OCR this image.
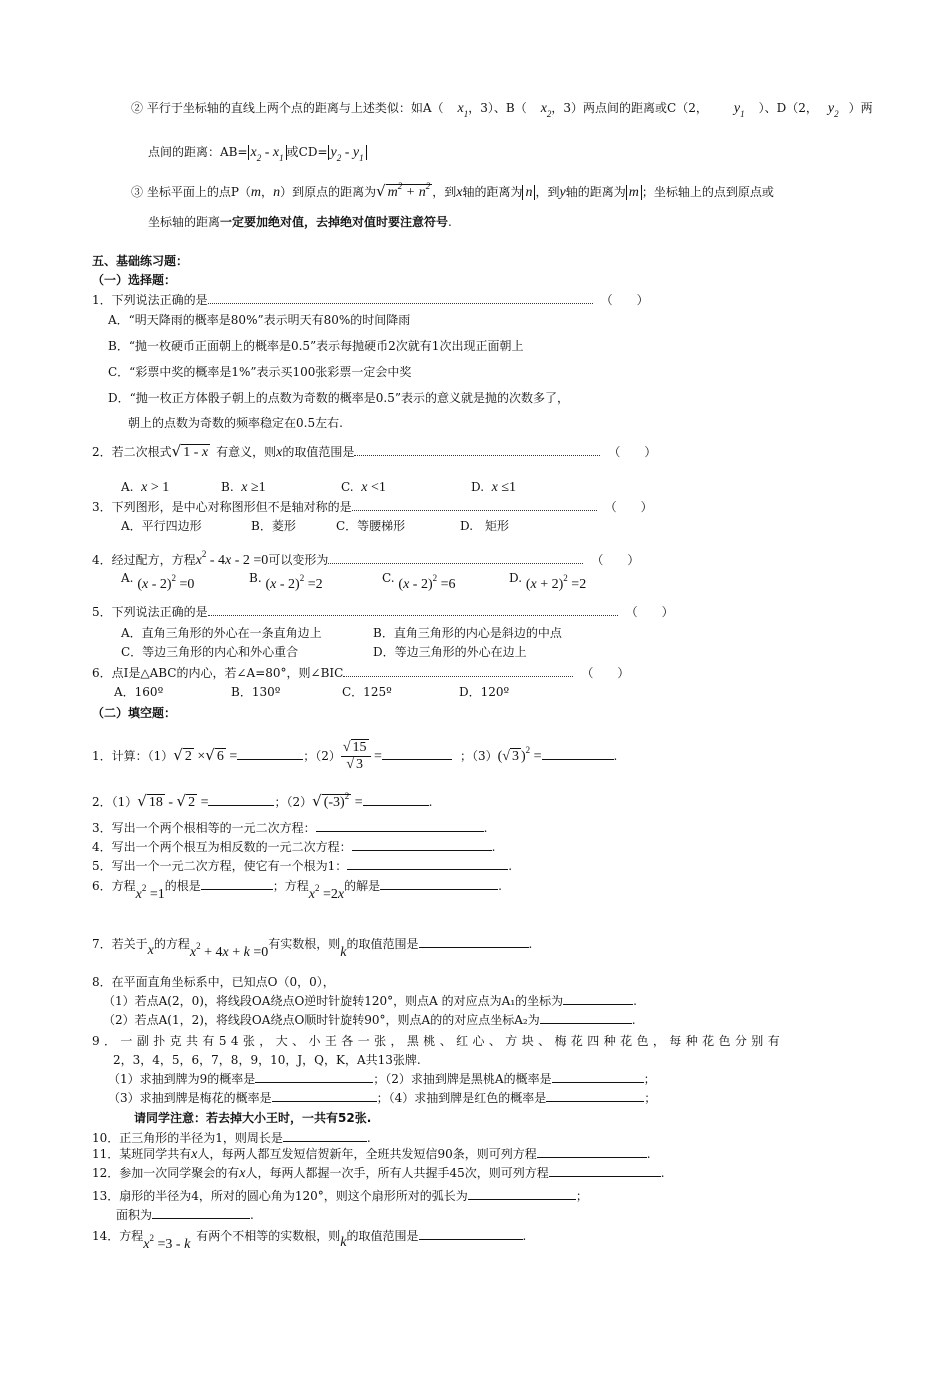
② 平行于坐标轴的直线上两个点的距离与上述类似：如A（ $x_1$，3）、B（ $x_2$，3）两点间的距离或C（2， $y_1$ ）、D（2， $y_2$ ）两
点间的距离：$AB= x_2 - x_1$ 或$CD= y_2 - y_1$
③ 坐标平面上的点P（m，n）到原点的距离为√ $m^2 + n^2$ ，到x轴的距离为 n ，到y轴的距离为 m ；坐标轴上的点到原点或
坐标轴的距离一定要加绝对值，去掉绝对值时要注意符号.
五、基础练习题：
（一）选择题：
1．下列说法正确的是	（　　）
A．“明天降雨的概率是80%”表示明天有80%的时间降雨
B．“抛一枚硬币正面朝上的概率是0.5”表示每抛硬币2次就有1次出现正面朝上
C．“彩票中奖的概率是1%”表示买100张彩票一定会中奖
D．“抛一枚正方体骰子朝上的点数为奇数的概率是0.5”表示的意义就是抛的次数多了，
朝上的点数为奇数的频率稳定在0.5左右.
2．若二次根式√ 1 - x 有意义，则x的取值范围是	（　　）
A. x > 1	B. x ≥1	C. x <1	D. x ≤1
3．下列图形，是中心对称图形但不是轴对称的是	（　　）
A．平行四边形	B．菱形	C．等腰梯形	D.　矩形
4．经过配方，方程$x^2 - 4x - 2 =0$可以变形为	（　　）
A. (x - 2)$^2$ =0	B. (x - 2)$^2$ =2	C. (x - 2)$^2$ =6	D. $(x + 2)^2 =2$
5．下列说法正确的是	（　　）
A．直角三角形的外心在一条直角边上	B．直角三角形的内心是斜边的中点
C．等边三角形的内心和外心重合	D．等边三角形的外心在边上
6．点I是△ABC的内心，若∠A=80°，则∠BIC	（　　）
A．160º	B．130º	C．125º	D．120º
（二）填空题：
1．计算：（1）√ 2 ×√ 6 =	；$(2) \frac{√ 15}{√ 3}$ =	；（3）(√ 3 )$^2$ =	.
2．（1）√ 18 - √ 2 =	；（2）√ $(-3)^2$ =	.
3．写出一个两个根相等的一元二次方程：	.
4．写出一个两个根互为相反数的一元二次方程：	.
5．写出一个一元二次方程，使它有一个根为1：	.
6．方程$x^2 =1$的根是	；方程$x^2 =2x$的解是	.
7．若关于x的方程$x^2 + 4x + k =0$有实数根，则k的取值范围是	.
8．在平面直角坐标系中，已知点O（0，0），
（1）若点A(2，0)，将线段OA绕点O逆时针旋转120°，则点A 的对应点为A₁的坐标为	.
（2）若点A(1，2)，将线段OA绕点O顺时针旋转90°，则点A的的对应点坐标A₂为	.
9．一副扑克共有54张，大、小王各一张，黑桃、红心、方块、梅花四种花色，每种花色分别有
2，3，4，5，6，7，8，9，10，J，Q，K，A共13张牌.
（1）求抽到牌为9的概率是	；（2）求抽到牌是黑桃A的概率是	；
（3）求抽到牌是梅花的概率是	；（4）求抽到牌是红色的概率是	；
请同学注意：若去掉大小王时，一共有52张.
10．正三角形的半径为1，则周长是	.
11．某班同学共有x人，每两人都互发短信贺新年，全班共发短信90条，则可列方程	.
12．参加一次同学聚会的有x人，每两人都握一次手，所有人共握手45次，则可列方程	.
13．扇形的半径为4，所对的圆心角为120°，则这个扇形所对的弧长为	；
面积为	.
14．方程$x^2 =3 - k$有两个不相等的实数根，则k的取值范围是	.
